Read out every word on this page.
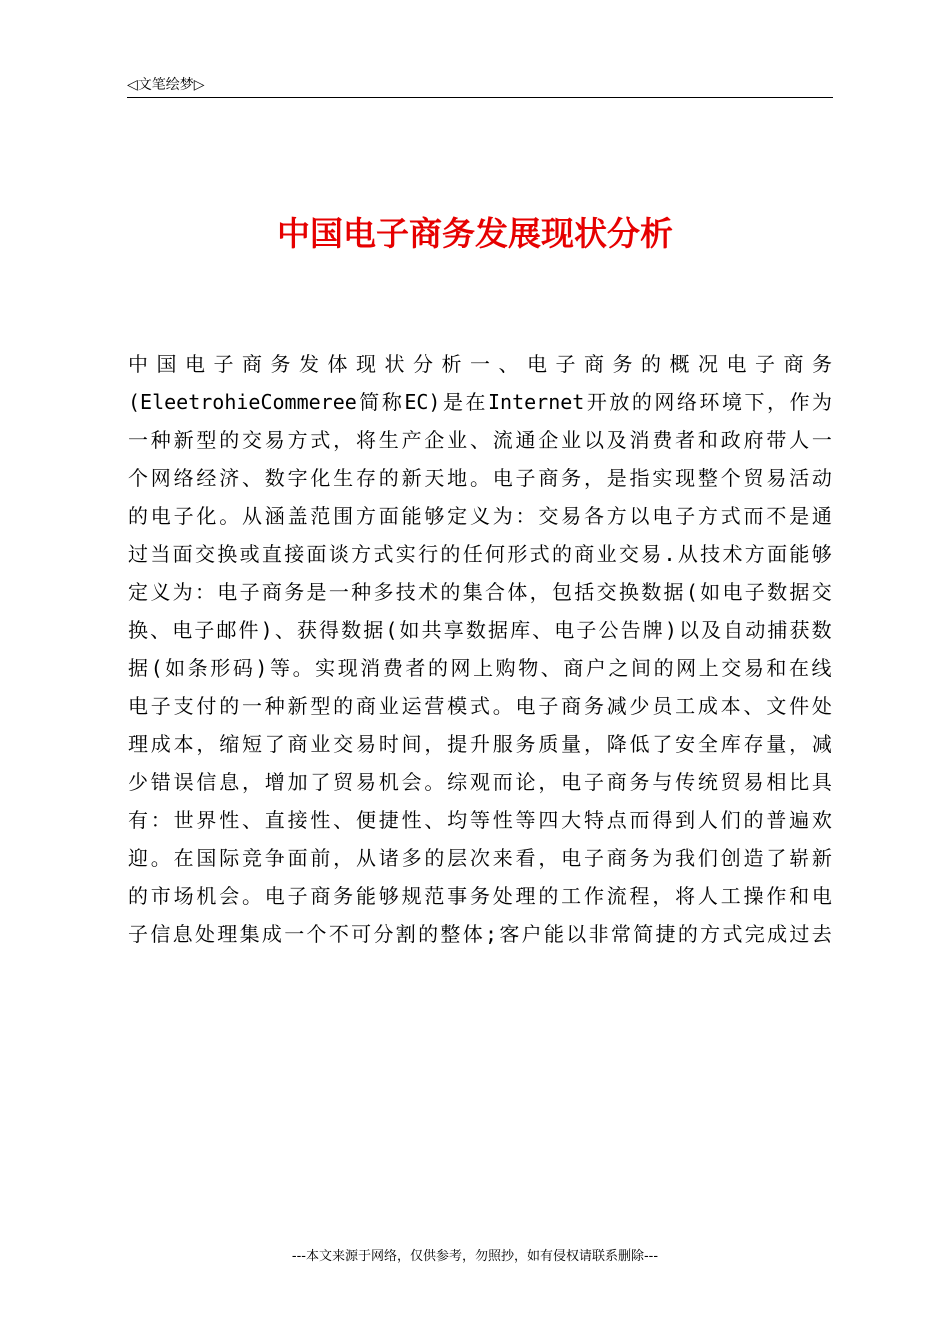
◁文笔绘梦▷
中国电子商务发展现状分析
中 国 电 子 商 务 发 体 现 状 分 析 一 、 电 子 商 务 的 概 况 电 子 商 务
(EleetrohieCommeree 简 称 EC) 是 在 Internet 开 放 的 网 络 环 境 下 ， 作 为
一 种 新 型 的 交 易 方 式 ， 将 生 产 企 业 、 流 通 企 业 以 及 消 费 者 和 政 府 带 人 一
个 网 络 经 济 、 数 字 化 生 存 的 新 天 地 。 电 子 商 务 ， 是 指 实 现 整 个 贸 易 活 动
的 电 子 化 。 从 涵 盖 范 围 方 面 能 够 定 义 为 ： 交 易 各 方 以 电 子 方 式 而 不 是 通
过 当 面 交 换 或 直 接 面 谈 方 式 实 行 的 任 何 形 式 的 商 业 交 易 . 从 技 术 方 面 能 够
定 义 为 ： 电 子 商 务 是 一 种 多 技 术 的 集 合 体 ， 包 括 交 换 数 据 ( 如 电 子 数 据 交
换 、 电 子 邮 件 ) 、 获 得 数 据 ( 如 共 享 数 据 库 、 电 子 公 告 牌 ) 以 及 自 动 捕 获 数
据 ( 如 条 形 码 ) 等 。 实 现 消 费 者 的 网 上 购 物 、 商 户 之 间 的 网 上 交 易 和 在 线
电 子 支 付 的 一 种 新 型 的 商 业 运 营 模 式 。 电 子 商 务 减 少 员 工 成 本 、 文 件 处
理 成 本 ， 缩 短 了 商 业 交 易 时 间 ， 提 升 服 务 质 量 ， 降 低 了 安 全 库 存 量 ， 减
少 错 误 信 息 ， 增 加 了 贸 易 机 会 。 综 观 而 论 ， 电 子 商 务 与 传 统 贸 易 相 比 具
有 ： 世 界 性 、 直 接 性 、 便 捷 性 、 均 等 性 等 四 大 特 点 而 得 到 人 们 的 普 遍 欢
迎 。 在 国 际 竞 争 面 前 ， 从 诸 多 的 层 次 来 看 ， 电 子 商 务 为 我 们 创 造 了 崭 新
的 市 场 机 会 。 电 子 商 务 能 够 规 范 事 务 处 理 的 工 作 流 程 ， 将 人 工 操 作 和 电
子 信 息 处 理 集 成 一 个 不 可 分 割 的 整 体 ; 客 户 能 以 非 常 简 捷 的 方 式 完 成 过 去
---本文来源于网络，仅供参考，勿照抄，如有侵权请联系删除---
